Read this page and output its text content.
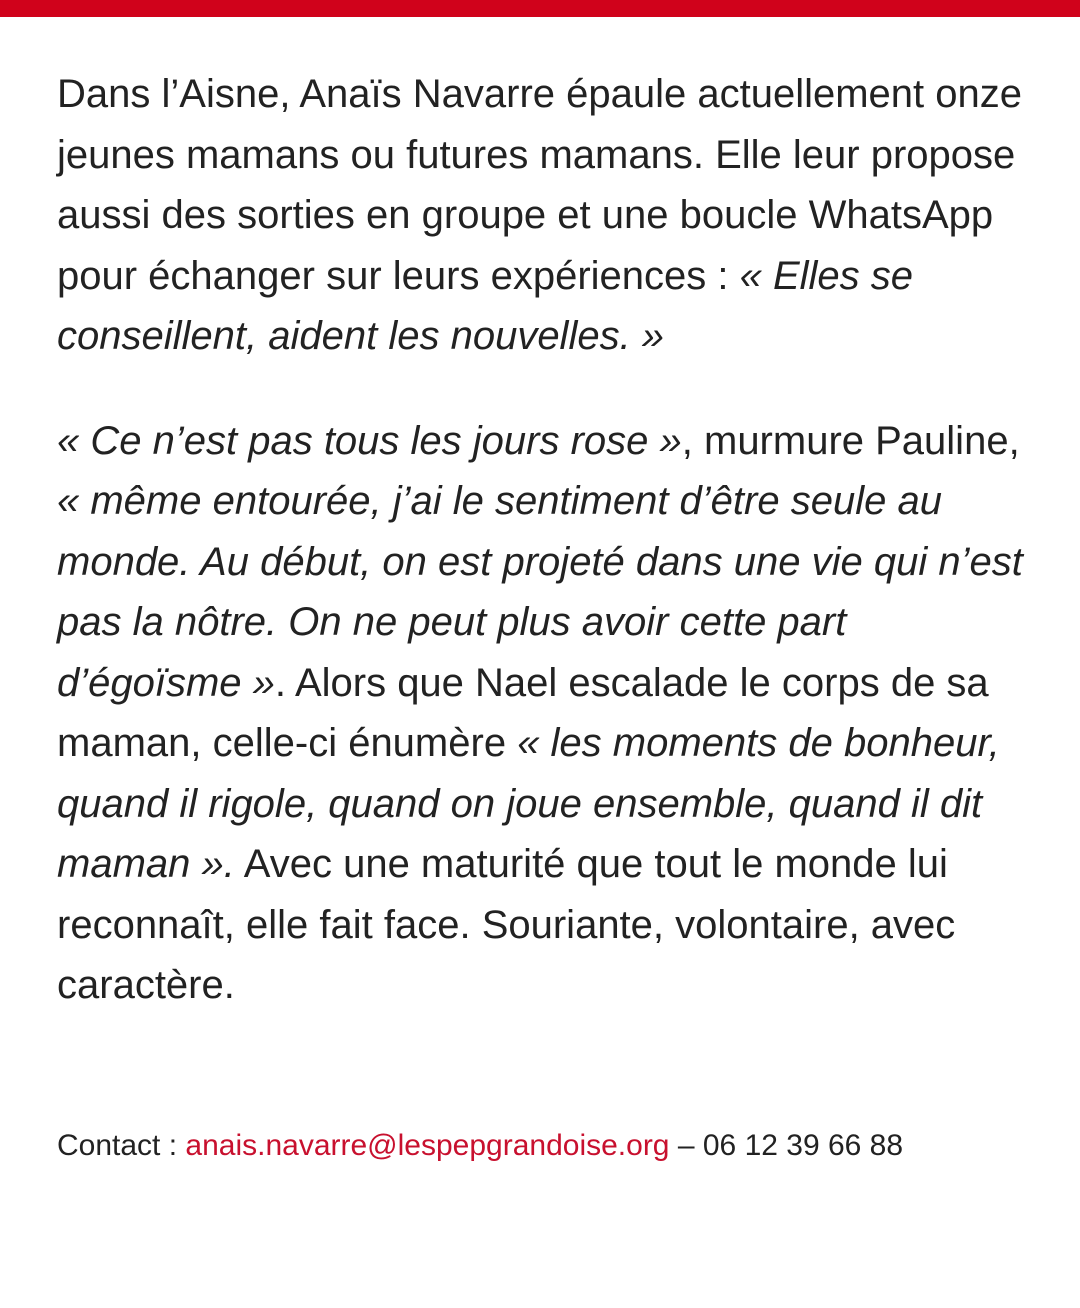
Dans l’Aisne, Anaïs Navarre épaule actuellement onze jeunes mamans ou futures mamans. Elle leur propose aussi des sorties en groupe et une boucle WhatsApp pour échanger sur leurs expériences : « Elles se conseillent, aident les nouvelles. »

« Ce n’est pas tous les jours rose », murmure Pauline, « même entourée, j’ai le sentiment d’être seule au monde. Au début, on est projeté dans une vie qui n’est pas la nôtre. On ne peut plus avoir cette part d’égoïsme ». Alors que Nael escalade le corps de sa maman, celle-ci énumère « les moments de bonheur, quand il rigole, quand on joue ensemble, quand il dit maman ». Avec une maturité que tout le monde lui reconnaît, elle fait face. Souriante, volontaire, avec caractère.

Contact : anais.navarre@lespepgrandoise.org – 06 12 39 66 88
